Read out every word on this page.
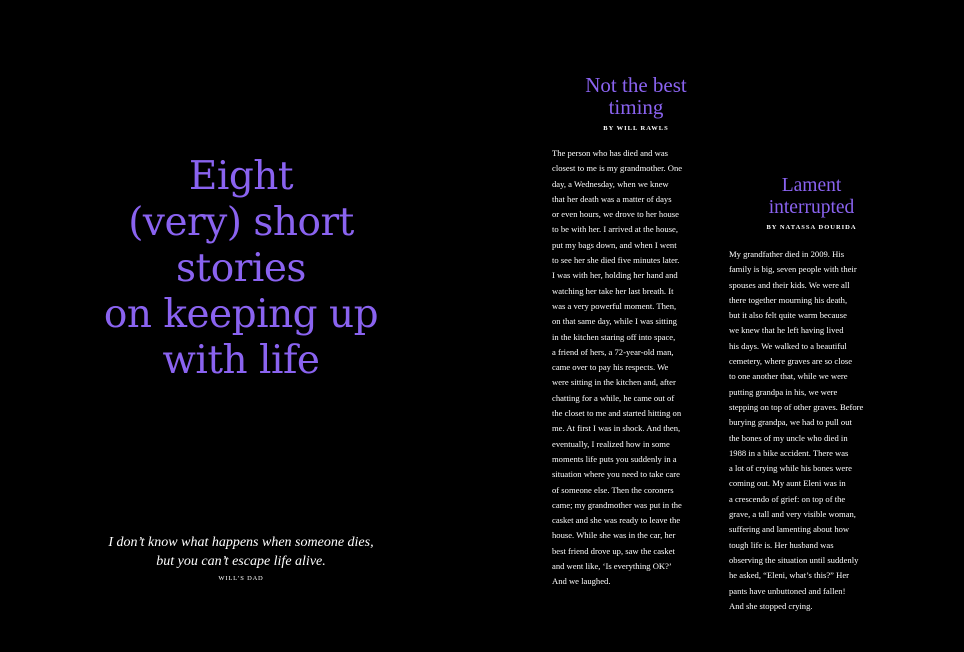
Eight
(very) short
stories
on keeping up
with life

I don’t know what happens when someone dies,
but you can’t escape life alive.

WILL’S DAD
Not the best
timing
BY WILL RAWLS
The person who has died and was
closest to me is my grandmother. One
day, a Wednesday, when we knew
that her death was a matter of days
or even hours, we drove to her house
to be with her. I arrived at the house,
put my bags down, and when I went
to see her she died five minutes later.
I was with her, holding her hand and
watching her take her last breath. It
was a very powerful moment. Then,
on that same day, while I was sitting
in the kitchen staring off into space,
a friend of hers, a 72-year-old man,
came over to pay his respects. We
were sitting in the kitchen and, after
chatting for a while, he came out of
the closet to me and started hitting on
me. At first I was in shock. And then,
eventually, I realized how in some
moments life puts you suddenly in a
situation where you need to take care
of someone else. Then the coroners
came; my grandmother was put in the
casket and she was ready to leave the
house. While she was in the car, her
best friend drove up, saw the casket
and went like, ‘Is everything OK?’
And we laughed.
Lament
interrupted
BY NATASSA DOURIDA
My grandfather died in 2009. His
family is big, seven people with their
spouses and their kids. We were all
there together mourning his death,
but it also felt quite warm because
we knew that he left having lived
his days. We walked to a beautiful
cemetery, where graves are so close
to one another that, while we were
putting grandpa in his, we were
stepping on top of other graves. Before
burying grandpa, we had to pull out
the bones of my uncle who died in
1988 in a bike accident. There was
a lot of crying while his bones were
coming out. My aunt Eleni was in
a crescendo of grief: on top of the
grave, a tall and very visible woman,
suffering and lamenting about how
tough life is. Her husband was
observing the situation until suddenly
he asked, “Eleni, what’s this?” Her
pants have unbuttoned and fallen!
And she stopped crying.
